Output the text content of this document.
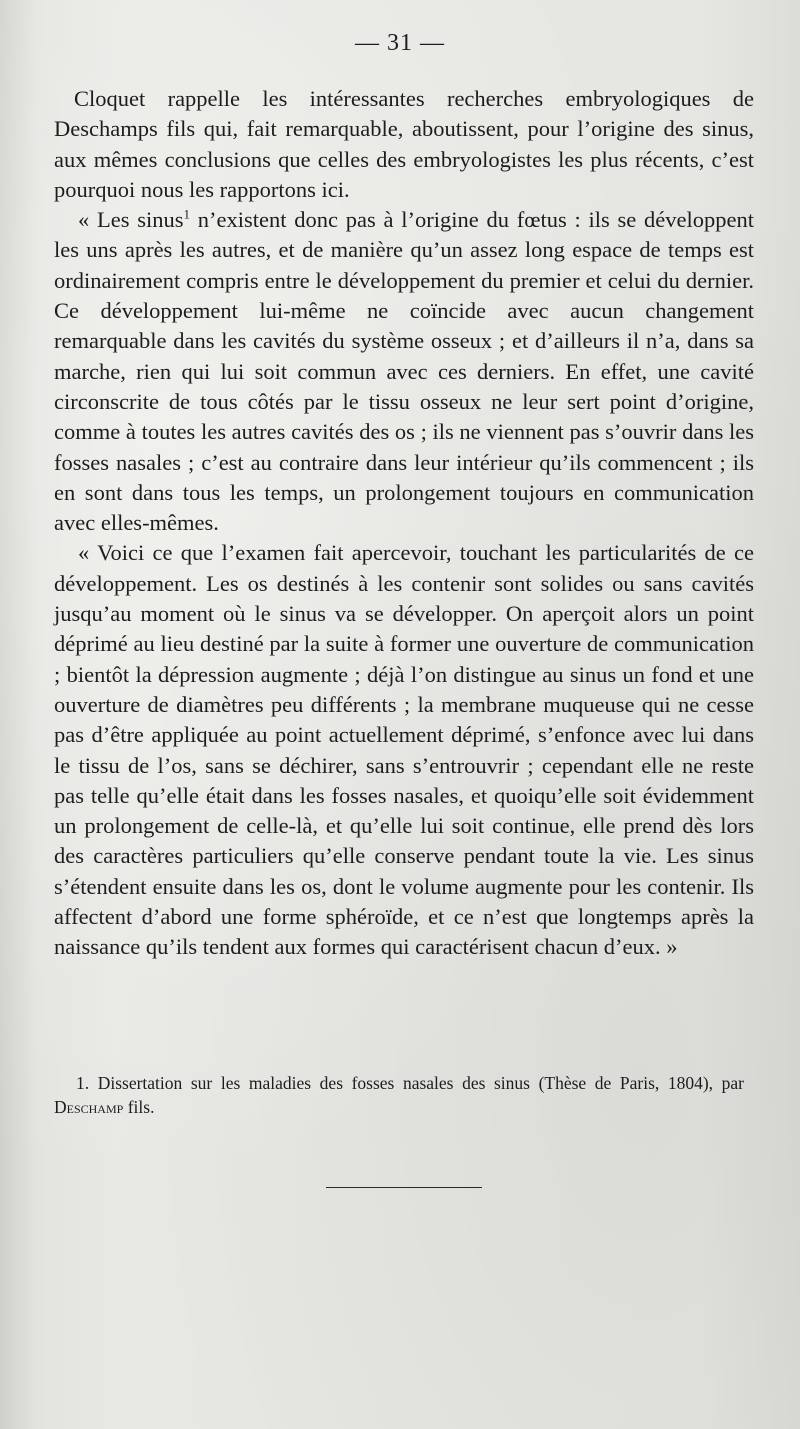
— 31 —

Cloquet rappelle les intéressantes recherches embryologiques de Deschamps fils qui, fait remarquable, aboutissent, pour l’origine des sinus, aux mêmes conclusions que celles des embryologistes les plus récents, c’est pourquoi nous les rapportons ici.

« Les sinus$^1$ n’existent donc pas à l’origine du fœtus : ils se développent les uns après les autres, et de manière qu’un assez long espace de temps est ordinairement compris entre le développement du premier et celui du dernier. Ce développement lui-même ne coïncide avec aucun changement remarquable dans les cavités du système osseux ; et d’ailleurs il n’a, dans sa marche, rien qui lui soit commun avec ces derniers. En effet, une cavité circonscrite de tous côtés par le tissu osseux ne leur sert point d’origine, comme à toutes les autres cavités des os ; ils ne viennent pas s’ouvrir dans les fosses nasales ; c’est au contraire dans leur intérieur qu’ils commencent ; ils en sont dans tous les temps, un prolongement toujours en communication avec elles-mêmes.

« Voici ce que l’examen fait apercevoir, touchant les particularités de ce développement. Les os destinés à les contenir sont solides ou sans cavités jusqu’au moment où le sinus va se développer. On aperçoit alors un point déprimé au lieu destiné par la suite à former une ouverture de communication ; bientôt la dépression augmente ; déjà l’on distingue au sinus un fond et une ouverture de diamètres peu différents ; la membrane muqueuse qui ne cesse pas d’être appliquée au point actuellement déprimé, s’enfonce avec lui dans le tissu de l’os, sans se déchirer, sans s’entrouvrir ; cependant elle ne reste pas telle qu’elle était dans les fosses nasales, et quoiqu’elle soit évidemment un prolongement de celle-là, et qu’elle lui soit continue, elle prend dès lors des caractères particuliers qu’elle conserve pendant toute la vie. Les sinus s’étendent ensuite dans les os, dont le volume augmente pour les contenir. Ils affectent d’abord une forme sphéroïde, et ce n’est que longtemps après la naissance qu’ils tendent aux formes qui caractérisent chacun d’eux. »

1. Dissertation sur les maladies des fosses nasales des sinus (Thèse de Paris, 1804), par Deschamp fils.
